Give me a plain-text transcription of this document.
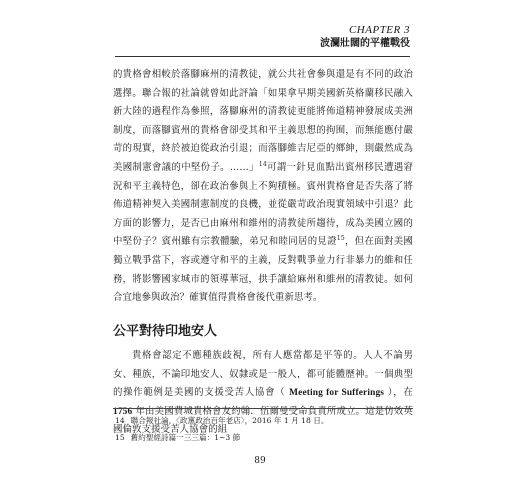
CHAPTER 3
波瀾壯闊的平權戰役

的貴格會相較於落腳麻州的清教徒，就公共社會參與還是有不同的政治選擇。聯合報的社論就曾如此評論「如果拿早期美國新英格蘭移民融入新大陸的過程作為參照，落腳麻州的清教徒更能將佈道精神發展成美洲制度，而落腳賓州的貴格會卻受其和平主義思想的拘囿，而無能應付嚴苛的現實，終於被迫從政治引退；而落腳維吉尼亞的鄉紳，則嚴然成為美國制憲會議的中堅份子。……」$^{14}$可謂一針見血點出賓州移民遭遇窘況和平主義特色，卻在政治參與上不夠積極。賓州貴格會是否失落了將佈道精神契入美國制憲制度的良機，並從嚴苛政治現實領域中引退？此方面的影響力，是否已由麻州和維州的清教徒所趨待，成為美國立國的中堅份子？賓州雖有宗教體驗，弟兄和睦同居的見證$^{15}$，但在面對美國獨立戰爭當下，容或遵守和平的主義，反對戰爭並力行非暴力的維和任務，將影響國家城市的領導華冠，拱手讓給麻州和維州的清教徒。如何合宜地參與政治？確實值得貴格會後代重新思考。

公平對待印地安人

貴格會認定不應種族歧視，所有人應當都是平等的。人人不論男女、種族，不論印地安人、奴隸或是一般人，都可能體歷神。一個典型的操作範例是美國的支援受苦人協會（ Meeting for Sufferings ），在 1756 年由美國費城貴格會友約翰．伍爾曼受命負責所成立。這是仿效英國倫敦支援受苦人協會的組

14 聯合報社論，〈政黨政治百年老店〉，2016 年 1 月 18 日。
15 舊約聖經詩篇一三三篇：1~3 節
89
